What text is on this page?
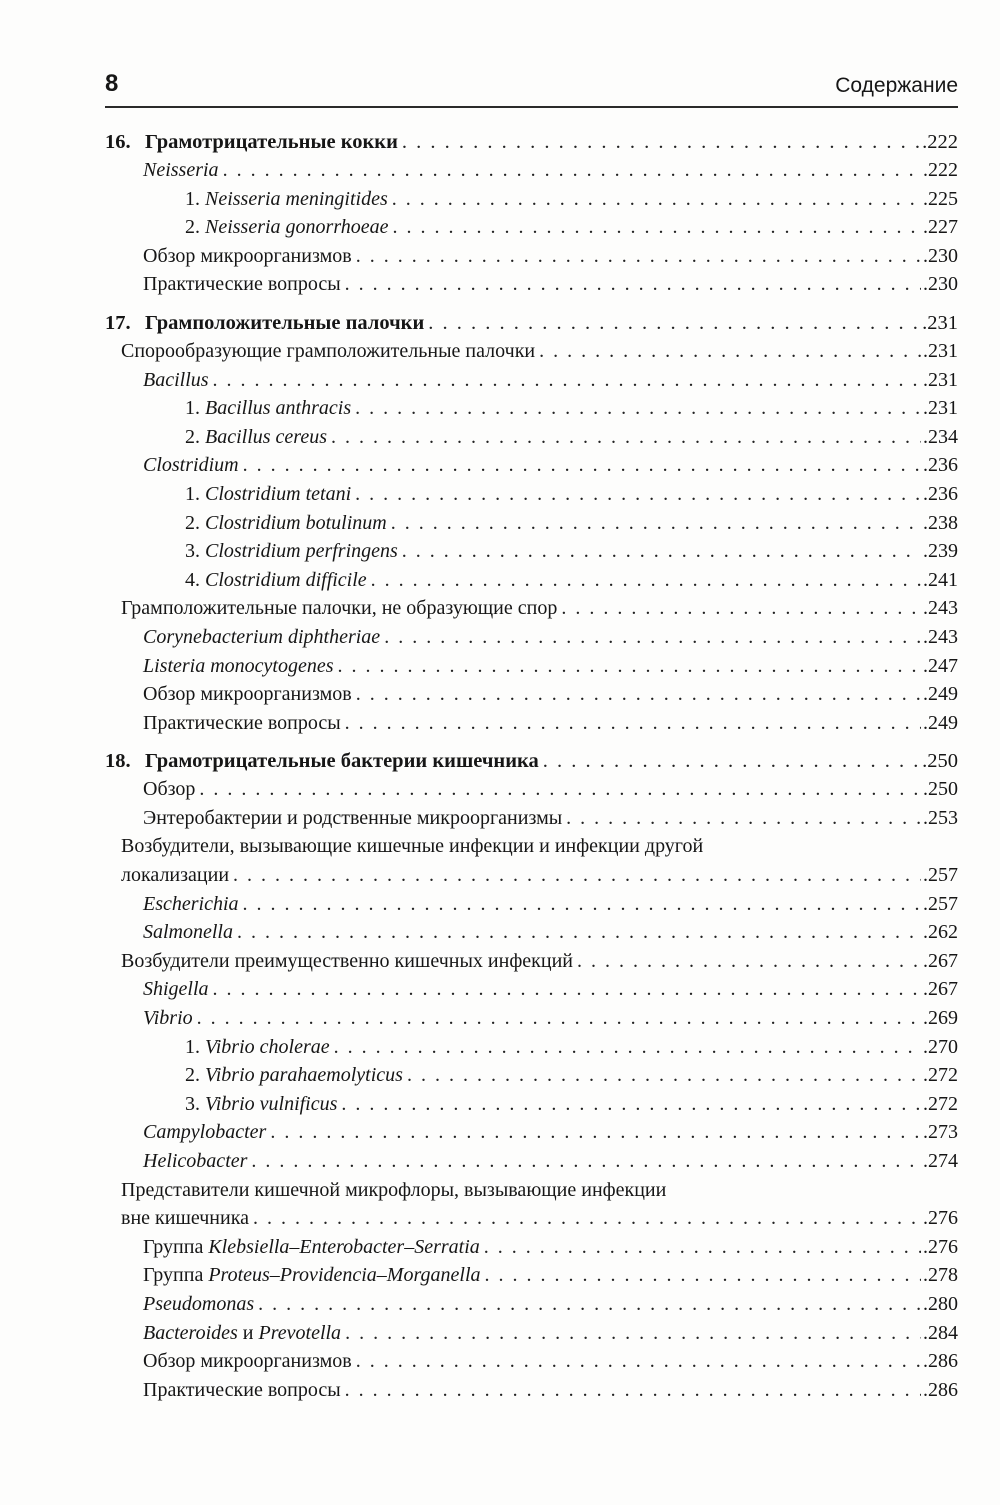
8	Содержание
16. Грамотрицательные кокки . . .	.222
Neisseria . . .	.222
1. Neisseria meningitides . . .	.225
2. Neisseria gonorrhoeae . . .	.227
Обзор микроорганизмов . . .	.230
Практические вопросы . . .	.230
17. Грамположительные палочки . . .	.231
Спорообразующие грамположительные палочки . . .	.231
Bacillus . . .	.231
1. Bacillus anthracis . . .	.231
2. Bacillus cereus . . .	.234
Clostridium . . .	.236
1. Clostridium tetani . . .	.236
2. Clostridium botulinum . . .	.238
3. Clostridium perfringens . . .	.239
4. Clostridium difficile . . .	.241
Грамположительные палочки, не образующие спор . . .	.243
Corynebacterium diphtheriae . . .	.243
Listeria monocytogenes . . .	.247
Обзор микроорганизмов . . .	.249
Практические вопросы . . .	.249
18. Грамотрицательные бактерии кишечника . . .	.250
Обзор . . .	.250
Энтеробактерии и родственные микроорганизмы . . .	.253
Возбудители, вызывающие кишечные инфекции и инфекции другой
локализации . . .	.257
Escherichia . . .	.257
Salmonella . . .	.262
Возбудители преимущественно кишечных инфекций . . .	.267
Shigella . . .	.267
Vibrio . . .	.269
1. Vibrio cholerae . . .	.270
2. Vibrio parahaemolyticus . . .	.272
3. Vibrio vulnificus . . .	.272
Campylobacter . . .	.273
Helicobacter . . .	.274
Представители кишечной микрофлоры, вызывающие инфекции
вне кишечника . . .	.276
Группа Klebsiella–Enterobacter–Serratia . . .	.276
Группа Proteus–Providencia–Morganella . . .	.278
Pseudomonas . . .	.280
Bacteroides и Prevotella . . .	.284
Обзор микроорганизмов . . .	.286
Практические вопросы . . .	.286
